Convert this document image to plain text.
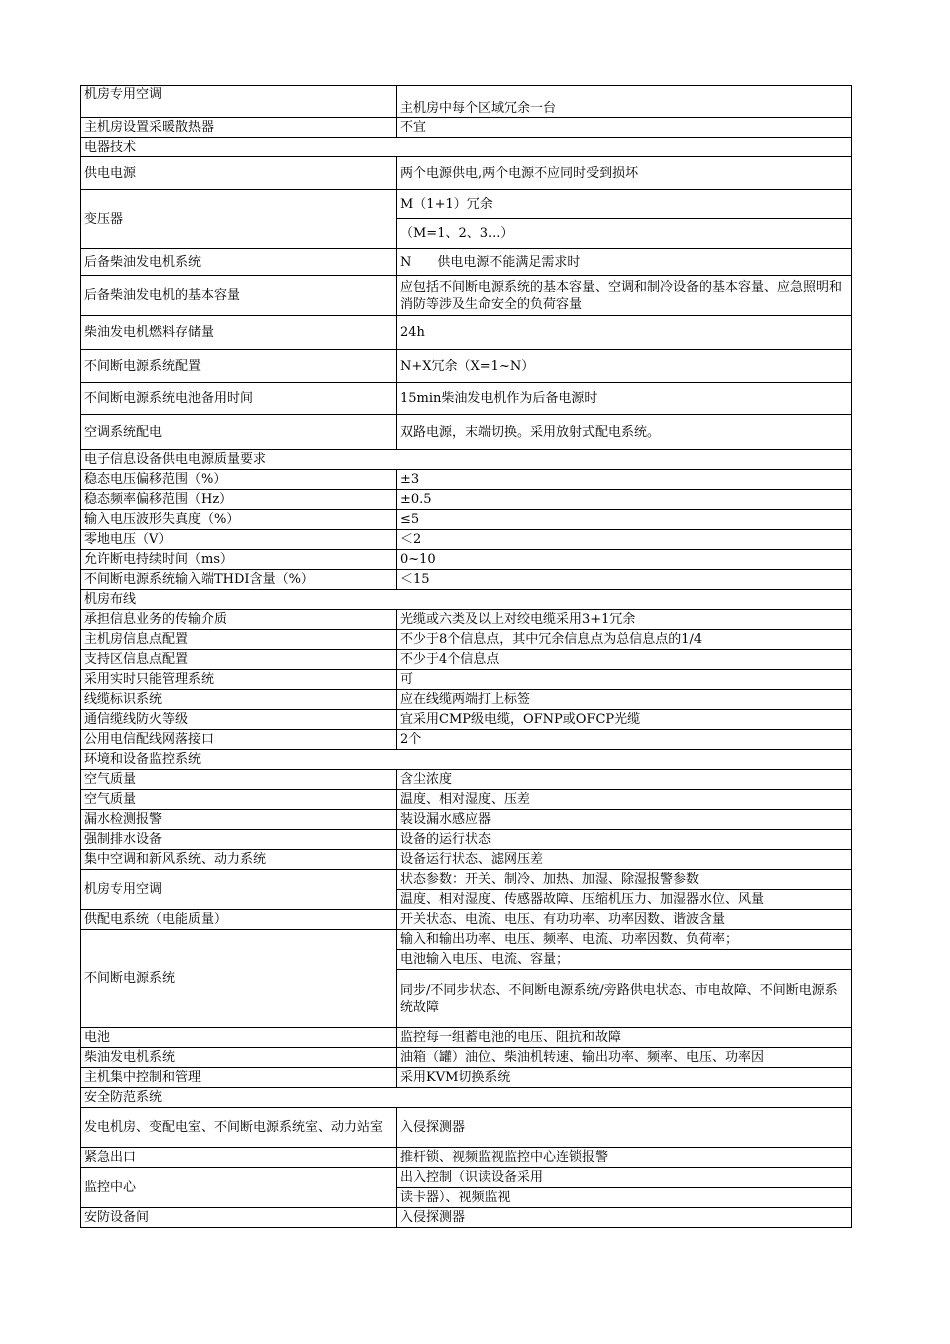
机房专用空调	主机房中每个区域冗余一台
主机房设置采暖散热器	不宜
电器技术	
供电电源	两个电源供电,两个电源不应同时受到损坏
变压器	M（1+1）冗余
	（M=1、2、3...）
后备柴油发电机系统	N　　供电电源不能满足需求时
后备柴油发电机的基本容量	应包括不间断电源系统的基本容量、空调和制冷设备的基本容量、应急照明和消防等涉及生命安全的负荷容量
柴油发电机燃料存储量	24h
不间断电源系统配置	N+X冗余（X=1~N）
不间断电源系统电池备用时间	15min柴油发电机作为后备电源时
空调系统配电	双路电源，末端切换。采用放射式配电系统。
电子信息设备供电电源质量要求	
稳态电压偏移范围（%）	±3
稳态频率偏移范围（Hz）	±0.5
输入电压波形失真度（%）	≤5
零地电压（V）	＜2
允许断电持续时间（ms）	0~10
不间断电源系统输入端THDI含量（%）	＜15
机房布线	
承担信息业务的传输介质	光缆或六类及以上对绞电缆采用3+1冗余
主机房信息点配置	不少于8个信息点，其中冗余信息点为总信息点的1/4
支持区信息点配置	不少于4个信息点
采用实时只能管理系统	可
线缆标识系统	应在线缆两端打上标签
通信缆线防火等级	宜采用CMP级电缆，OFNP或OFCP光缆
公用电信配线网落接口	2个
环境和设备监控系统	
空气质量	含尘浓度
空气质量	温度、相对湿度、压差
漏水检测报警	装设漏水感应器
强制排水设备	设备的运行状态
集中空调和新风系统、动力系统	设备运行状态、滤网压差
机房专用空调	状态参数：开关、制冷、加热、加湿、除湿报警参数
	温度、相对湿度、传感器故障、压缩机压力、加湿器水位、风量
供配电系统（电能质量）	开关状态、电流、电压、有功功率、功率因数、谐波含量
不间断电源系统	输入和输出功率、电压、频率、电流、功率因数、负荷率；
	电池输入电压、电流、容量；
	同步/不同步状态、不间断电源系统/旁路供电状态、市电故障、不间断电源系统故障
电池	监控每一组蓄电池的电压、阻抗和故障
柴油发电机系统	油箱（罐）油位、柴油机转速、输出功率、频率、电压、功率因
主机集中控制和管理	采用KVM切换系统
安全防范系统	
发电机房、变配电室、不间断电源系统室、动力站室	入侵探测器
紧急出口	推杆锁、视频监视监控中心连锁报警
监控中心	出入控制（识读设备采用
	读卡器）、视频监视
安防设备间	入侵探测器
